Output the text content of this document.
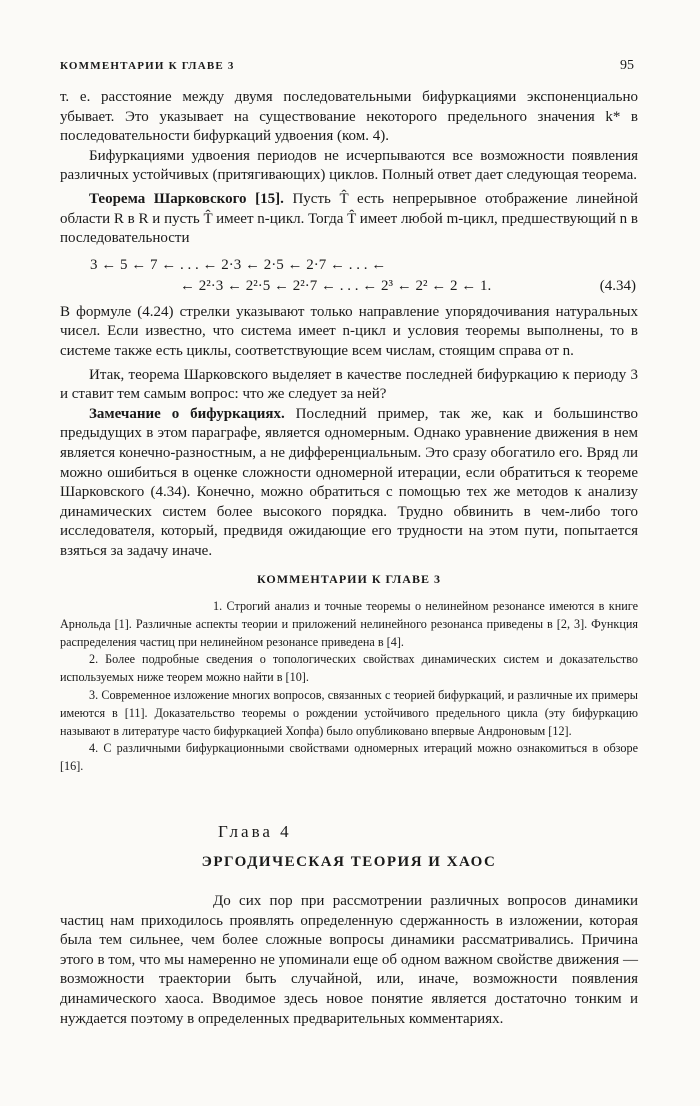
КОММЕНТАРИИ К ГЛАВЕ 3	95

т. е. расстояние между двумя последовательными бифуркациями экспоненциально убывает. Это указывает на существование некоторого предельного значения k* в последовательности бифуркаций удвоения (ком. 4).

Бифуркациями удвоения периодов не исчерпываются все возможности появления различных устойчивых (притягивающих) циклов. Полный ответ дает следующая теорема.

Теорема Шарковского [15]. Пусть T̂ есть непрерывное отображение линейной области R в R и пусть T̂ имеет n-цикл. Тогда T̂ имеет любой m-цикл, предшествующий n в последовательности

3 ← 5 ← 7 ← . . . ← 2·3 ← 2·5 ← 2·7 ← . . . ←
← 2²·3 ← 2²·5 ← 2²·7 ← . . . ← 2³ ← 2² ← 2 ← 1.	(4.34)

В формуле (4.24) стрелки указывают только направление упорядочивания натуральных чисел. Если известно, что система имеет n-цикл и условия теоремы выполнены, то в системе также есть циклы, соответствующие всем числам, стоящим справа от n.

Итак, теорема Шарковского выделяет в качестве последней бифуркацию к периоду 3 и ставит тем самым вопрос: что же следует за ней?

Замечание о бифуркациях. Последний пример, так же, как и большинство предыдущих в этом параграфе, является одномерным. Однако уравнение движения в нем является конечно-разностным, а не дифференциальным. Это сразу обогатило его. Вряд ли можно ошибиться в оценке сложности одномерной итерации, если обратиться к теореме Шарковского (4.34). Конечно, можно обратиться с помощью тех же методов к анализу динамических систем более высокого порядка. Трудно обвинить в чем-либо того исследователя, который, предвидя ожидающие его трудности на этом пути, попытается взяться за задачу иначе.

КОММЕНТАРИИ К ГЛАВЕ 3

1. Строгий анализ и точные теоремы о нелинейном резонансе имеются в книге Арнольда [1]. Различные аспекты теории и приложений нелинейного резонанса приведены в [2, 3]. Функция распределения частиц при нелинейном резонансе приведена в [4].

2. Более подробные сведения о топологических свойствах динамических систем и доказательство используемых ниже теорем можно найти в [10].

3. Современное изложение многих вопросов, связанных с теорией бифуркаций, и различные их примеры имеются в [11]. Доказательство теоремы о рождении устойчивого предельного цикла (эту бифуркацию называют в литературе часто бифуркацией Хопфа) было опубликовано впервые Андроновым [12].

4. С различными бифуркационными свойствами одномерных итераций можно ознакомиться в обзоре [16].

Глава 4
ЭРГОДИЧЕСКАЯ ТЕОРИЯ И ХАОС

До сих пор при рассмотрении различных вопросов динамики частиц нам приходилось проявлять определенную сдержанность в изложении, которая была тем сильнее, чем более сложные вопросы динамики рассматривались. Причина этого в том, что мы намеренно не упоминали еще об одном важном свойстве движения — возможности траектории быть случайной, или, иначе, возможности появления динамического хаоса. Вводимое здесь новое понятие является достаточно тонким и нуждается поэтому в определенных предварительных комментариях.
